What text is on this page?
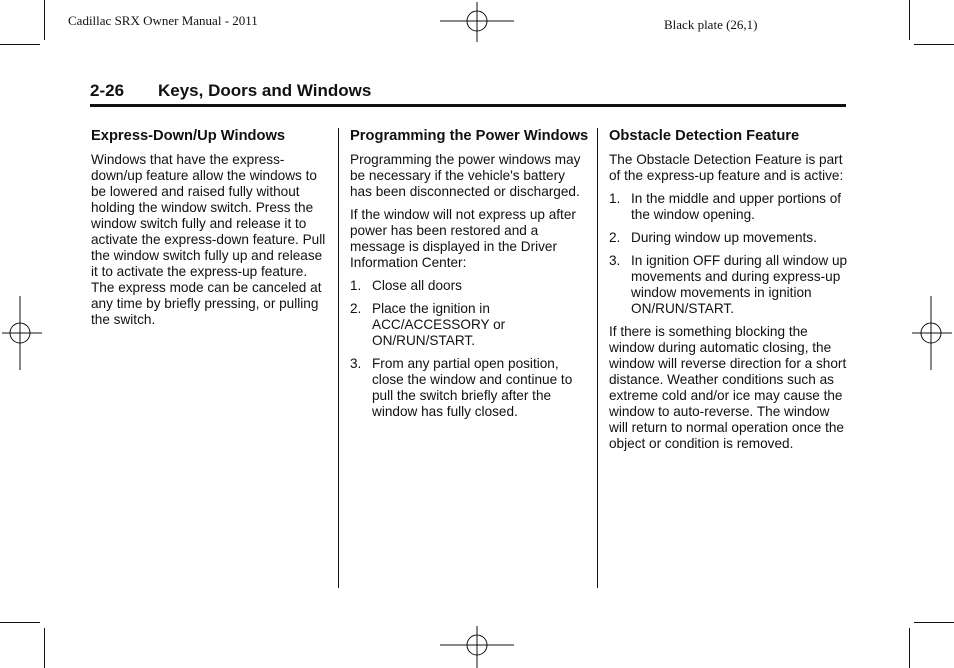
Cadillac SRX Owner Manual - 2011	Black plate (26,1)
2-26 Keys, Doors and Windows
Express-Down/Up Windows

Windows that have the express-down/up feature allow the windows to be lowered and raised fully without holding the window switch. Press the window switch fully and release it to activate the express-down feature. Pull the window switch fully up and release it to activate the express-up feature. The express mode can be canceled at any time by briefly pressing, or pulling the switch.

Programming the Power Windows

Programming the power windows may be necessary if the vehicle's battery has been disconnected or discharged.

If the window will not express up after power has been restored and a message is displayed in the Driver Information Center:

1. Close all doors
2. Place the ignition in ACC/ACCESSORY or ON/RUN/START.
3. From any partial open position, close the window and continue to pull the switch briefly after the window has fully closed.
Obstacle Detection Feature

The Obstacle Detection Feature is part of the express-up feature and is active:

1. In the middle and upper portions of the window opening.
2. During window up movements.
3. In ignition OFF during all window up movements and during express-up window movements in ignition ON/RUN/START.

If there is something blocking the window during automatic closing, the window will reverse direction for a short distance. Weather conditions such as extreme cold and/or ice may cause the window to auto-reverse. The window will return to normal operation once the object or condition is removed.
